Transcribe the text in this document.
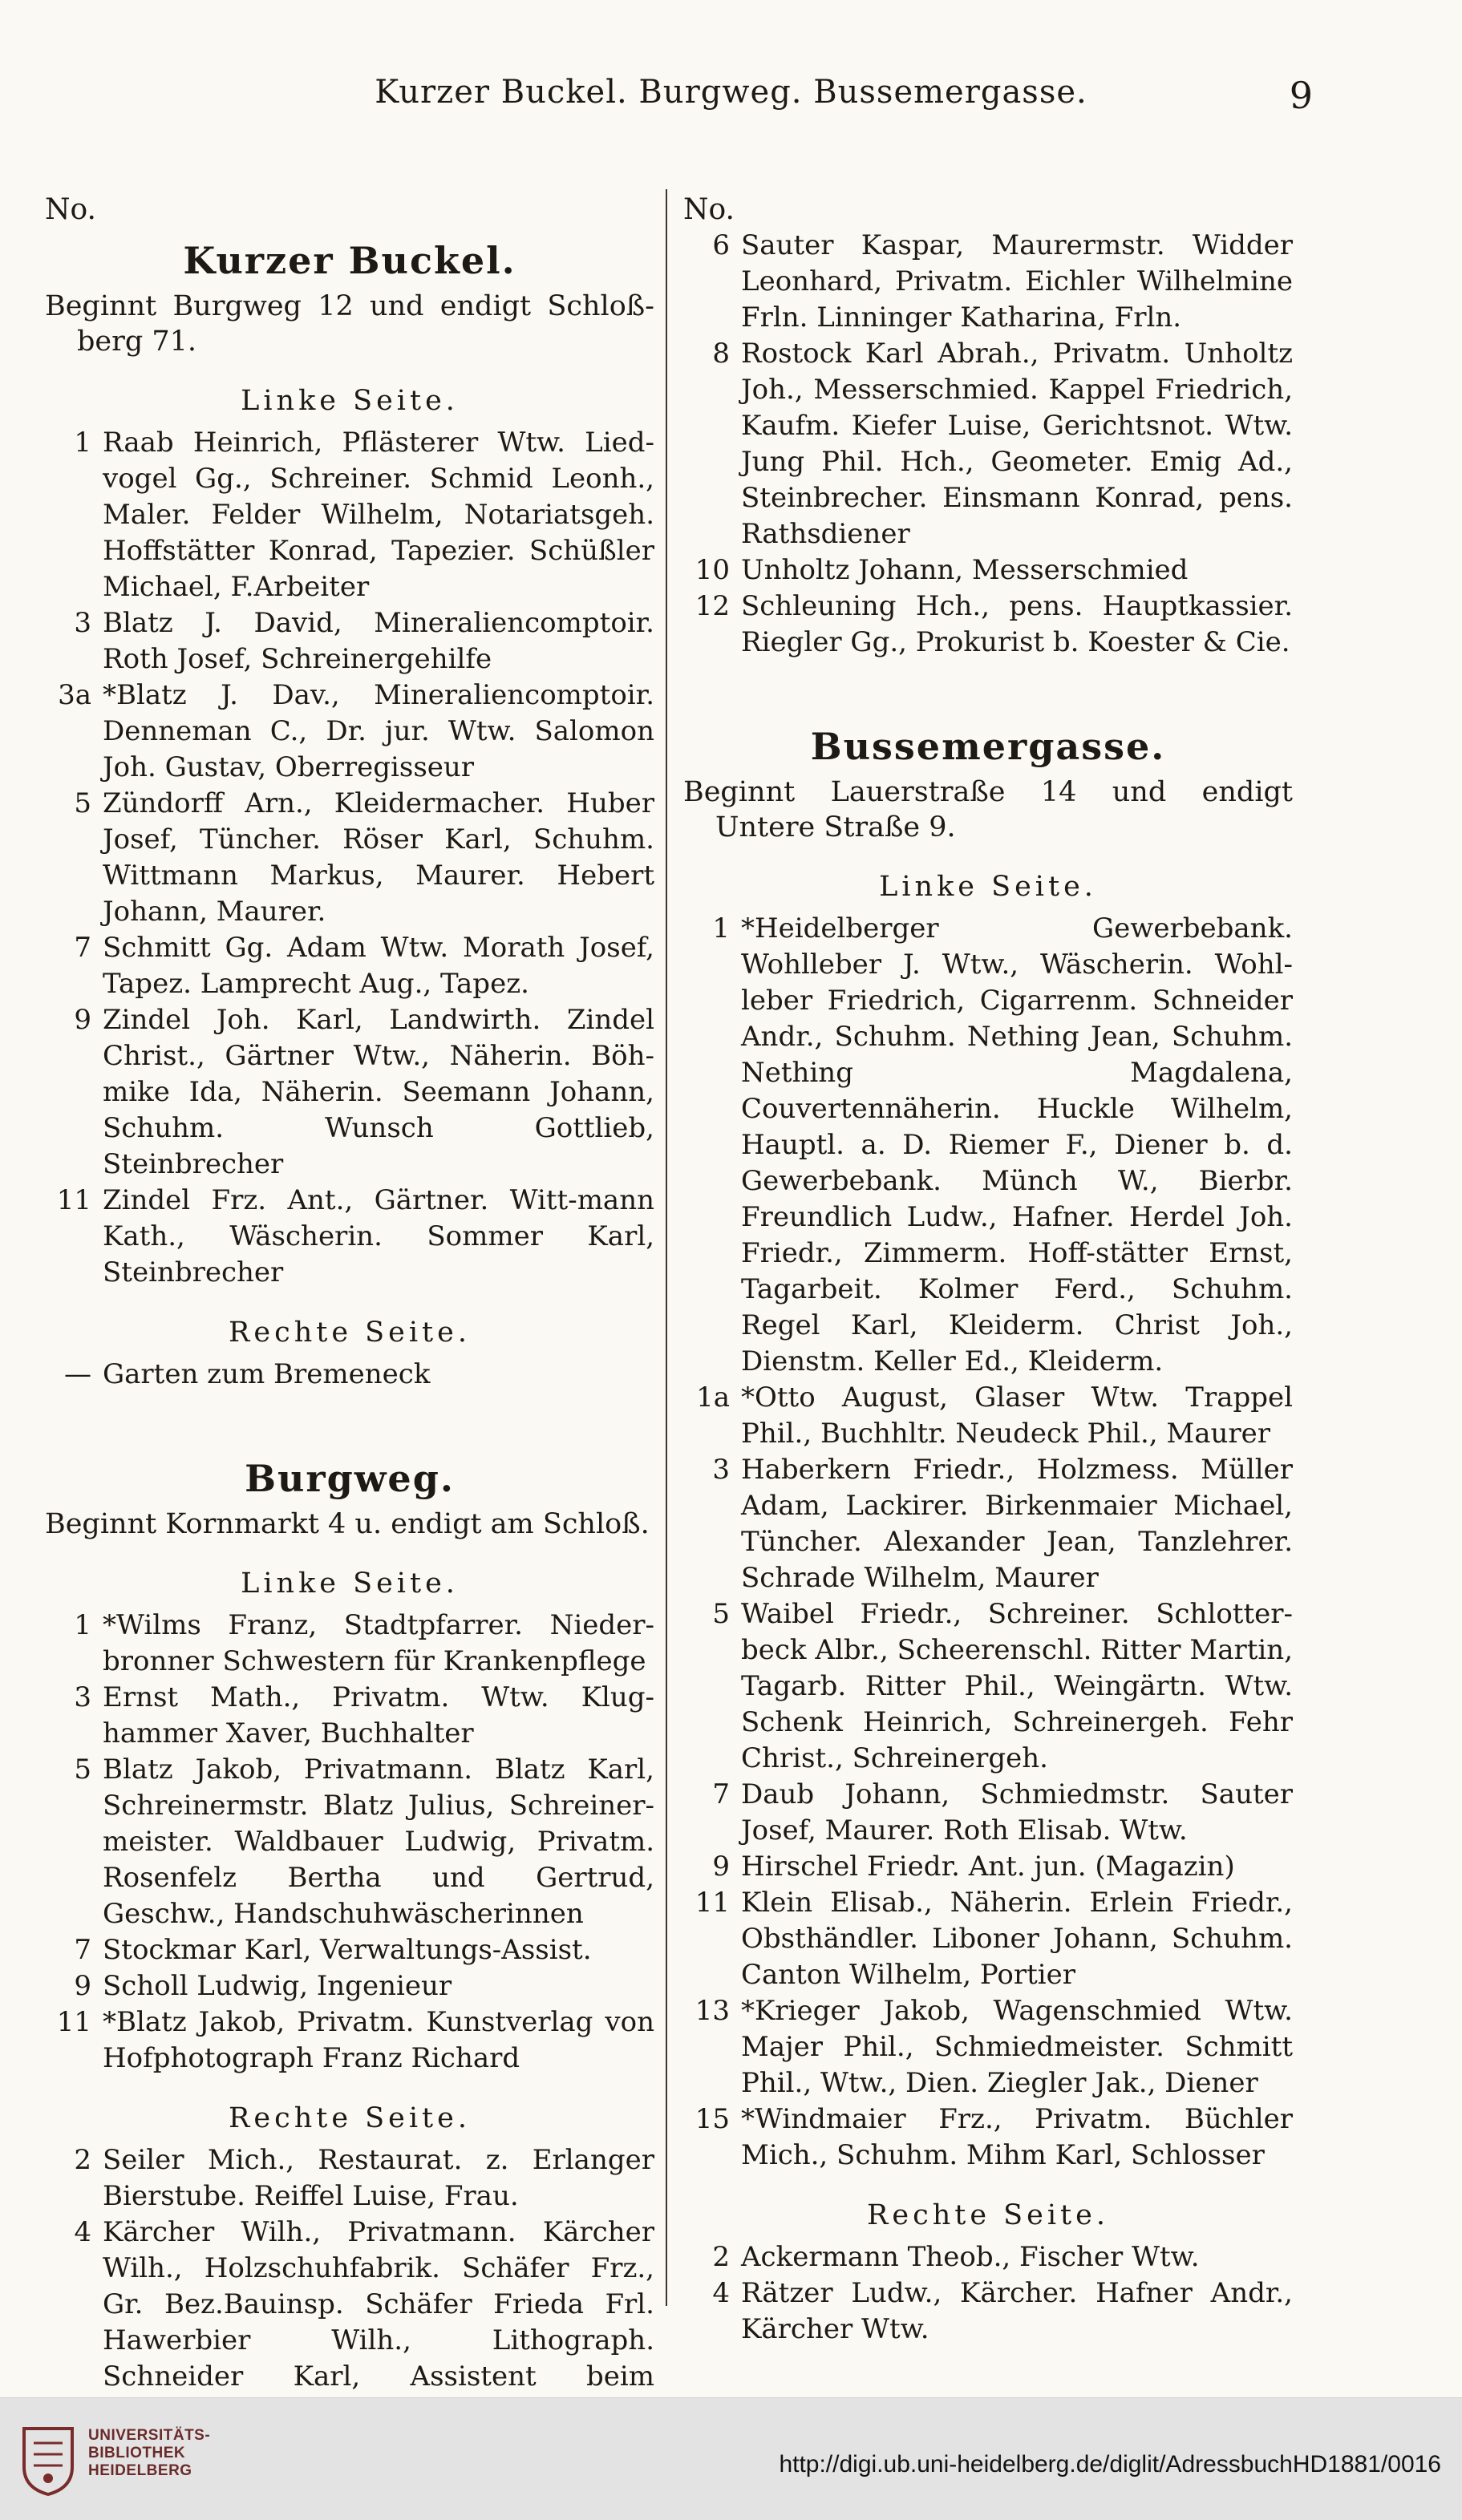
Kurzer Buckel. Burgweg. Bussemergasse.	9
No.
Kurzer Buckel.
Beginnt Burgweg 12 und endigt Schloß-berg 71.
Linke Seite.
1 Raab Heinrich, Pflästerer Wtw. Lied-vogel Gg., Schreiner. Schmid Leonh., Maler. Felder Wilhelm, Notariatsgeh. Hoffstätter Konrad, Tapezier. Schüßler Michael, F.Arbeiter
3 Blatz J. David, Mineraliencomptoir. Roth Josef, Schreinergehilfe
3a *Blatz J. Dav., Mineraliencomptoir. Denneman C., Dr. jur. Wtw. Salomon Joh. Gustav, Oberregisseur
5 Zündorff Arn., Kleidermacher. Huber Josef, Tüncher. Röser Karl, Schuhm. Wittmann Markus, Maurer. Hebert Johann, Maurer.
7 Schmitt Gg. Adam Wtw. Morath Josef, Tapez. Lamprecht Aug., Tapez.
9 Zindel Joh. Karl, Landwirth. Zindel Christ., Gärtner Wtw., Näherin. Böh-mike Ida, Näherin. Seemann Johann, Schuhm. Wunsch Gottlieb, Steinbrecher
11 Zindel Frz. Ant., Gärtner. Witt-mann Kath., Wäscherin. Sommer Karl, Steinbrecher
Rechte Seite.
— Garten zum Bremeneck
Burgweg.
Beginnt Kornmarkt 4 u. endigt am Schloß.
Linke Seite.
1 *Wilms Franz, Stadtpfarrer. Nieder-bronner Schwestern für Krankenpflege
3 Ernst Math., Privatm. Wtw. Klug-hammer Xaver, Buchhalter
5 Blatz Jakob, Privatmann. Blatz Karl, Schreinermstr. Blatz Julius, Schreiner-meister. Waldbauer Ludwig, Privatm. Rosenfelz Bertha und Gertrud, Geschw., Handschuhwäscherinnen
7 Stockmar Karl, Verwaltungs-Assist.
9 Scholl Ludwig, Ingenieur
11 *Blatz Jakob, Privatm. Kunstverlag von Hofphotograph Franz Richard
Rechte Seite.
2 Seiler Mich., Restaurat. z. Erlanger Bierstube. Reiffel Luise, Frau.
4 Kärcher Wilh., Privatmann. Kärcher Wilh., Holzschuhfabrik. Schäfer Frz., Gr. Bez.Bauinsp. Schäfer Frieda Frl. Hawerbier Wilh., Lithograph. Schneider Karl, Assistent beim
No.
6 Sauter Kaspar, Maurermstr. Widder Leonhard, Privatm. Eichler Wilhelmine Frln. Linninger Katharina, Frln.
8 Rostock Karl Abrah., Privatm. Unholtz Joh., Messerschmied. Kappel Friedrich, Kaufm. Kiefer Luise, Gerichtsnot. Wtw. Jung Phil. Hch., Geometer. Emig Ad., Steinbrecher. Einsmann Konrad, pens. Rathsdiener
10 Unholtz Johann, Messerschmied
12 Schleuning Hch., pens. Hauptkassier. Riegler Gg., Prokurist b. Koester & Cie.
Bussemergasse.
Beginnt Lauerstraße 14 und endigt Untere Straße 9.
Linke Seite.
1 *Heidelberger Gewerbebank. Wohlleber J. Wtw., Wäscherin. Wohl-leber Friedrich, Cigarrenm. Schneider Andr., Schuhm. Nething Jean, Schuhm. Nething Magdalena, Couvertennäherin. Huckle Wilhelm, Hauptl. a. D. Riemer F., Diener b. d. Gewerbebank. Münch W., Bierbr. Freundlich Ludw., Hafner. Herdel Joh. Friedr., Zimmerm. Hoff-stätter Ernst, Tagarbeit. Kolmer Ferd., Schuhm. Regel Karl, Kleiderm. Christ Joh., Dienstm. Keller Ed., Kleiderm.
1a *Otto August, Glaser Wtw. Trappel Phil., Buchhltr. Neudeck Phil., Maurer
3 Haberkern Friedr., Holzmess. Müller Adam, Lackirer. Birkenmaier Michael, Tüncher. Alexander Jean, Tanzlehrer. Schrade Wilhelm, Maurer
5 Waibel Friedr., Schreiner. Schlotter-beck Albr., Scheerenschl. Ritter Martin, Tagarb. Ritter Phil., Weingärtn. Wtw. Schenk Heinrich, Schreinergeh. Fehr Christ., Schreinergeh.
7 Daub Johann, Schmiedmstr. Sauter Josef, Maurer. Roth Elisab. Wtw.
9 Hirschel Friedr. Ant. jun. (Magazin)
11 Klein Elisab., Näherin. Erlein Friedr., Obsthändler. Liboner Johann, Schuhm. Canton Wilhelm, Portier
13 *Krieger Jakob, Wagenschmied Wtw. Majer Phil., Schmiedmeister. Schmitt Phil., Wtw., Dien. Ziegler Jak., Diener
15 *Windmaier Frz., Privatm. Büchler Mich., Schuhm. Mihm Karl, Schlosser
Rechte Seite.
2 Ackermann Theob., Fischer Wtw.
4 Rätzer Ludw., Kärcher. Hafner Andr., Kärcher Wtw.
UNIVERSITÄTS-
BIBLIOTHEK
HEIDELBERG	http://digi.ub.uni-heidelberg.de/diglit/AdressbuchHD1881/0016
